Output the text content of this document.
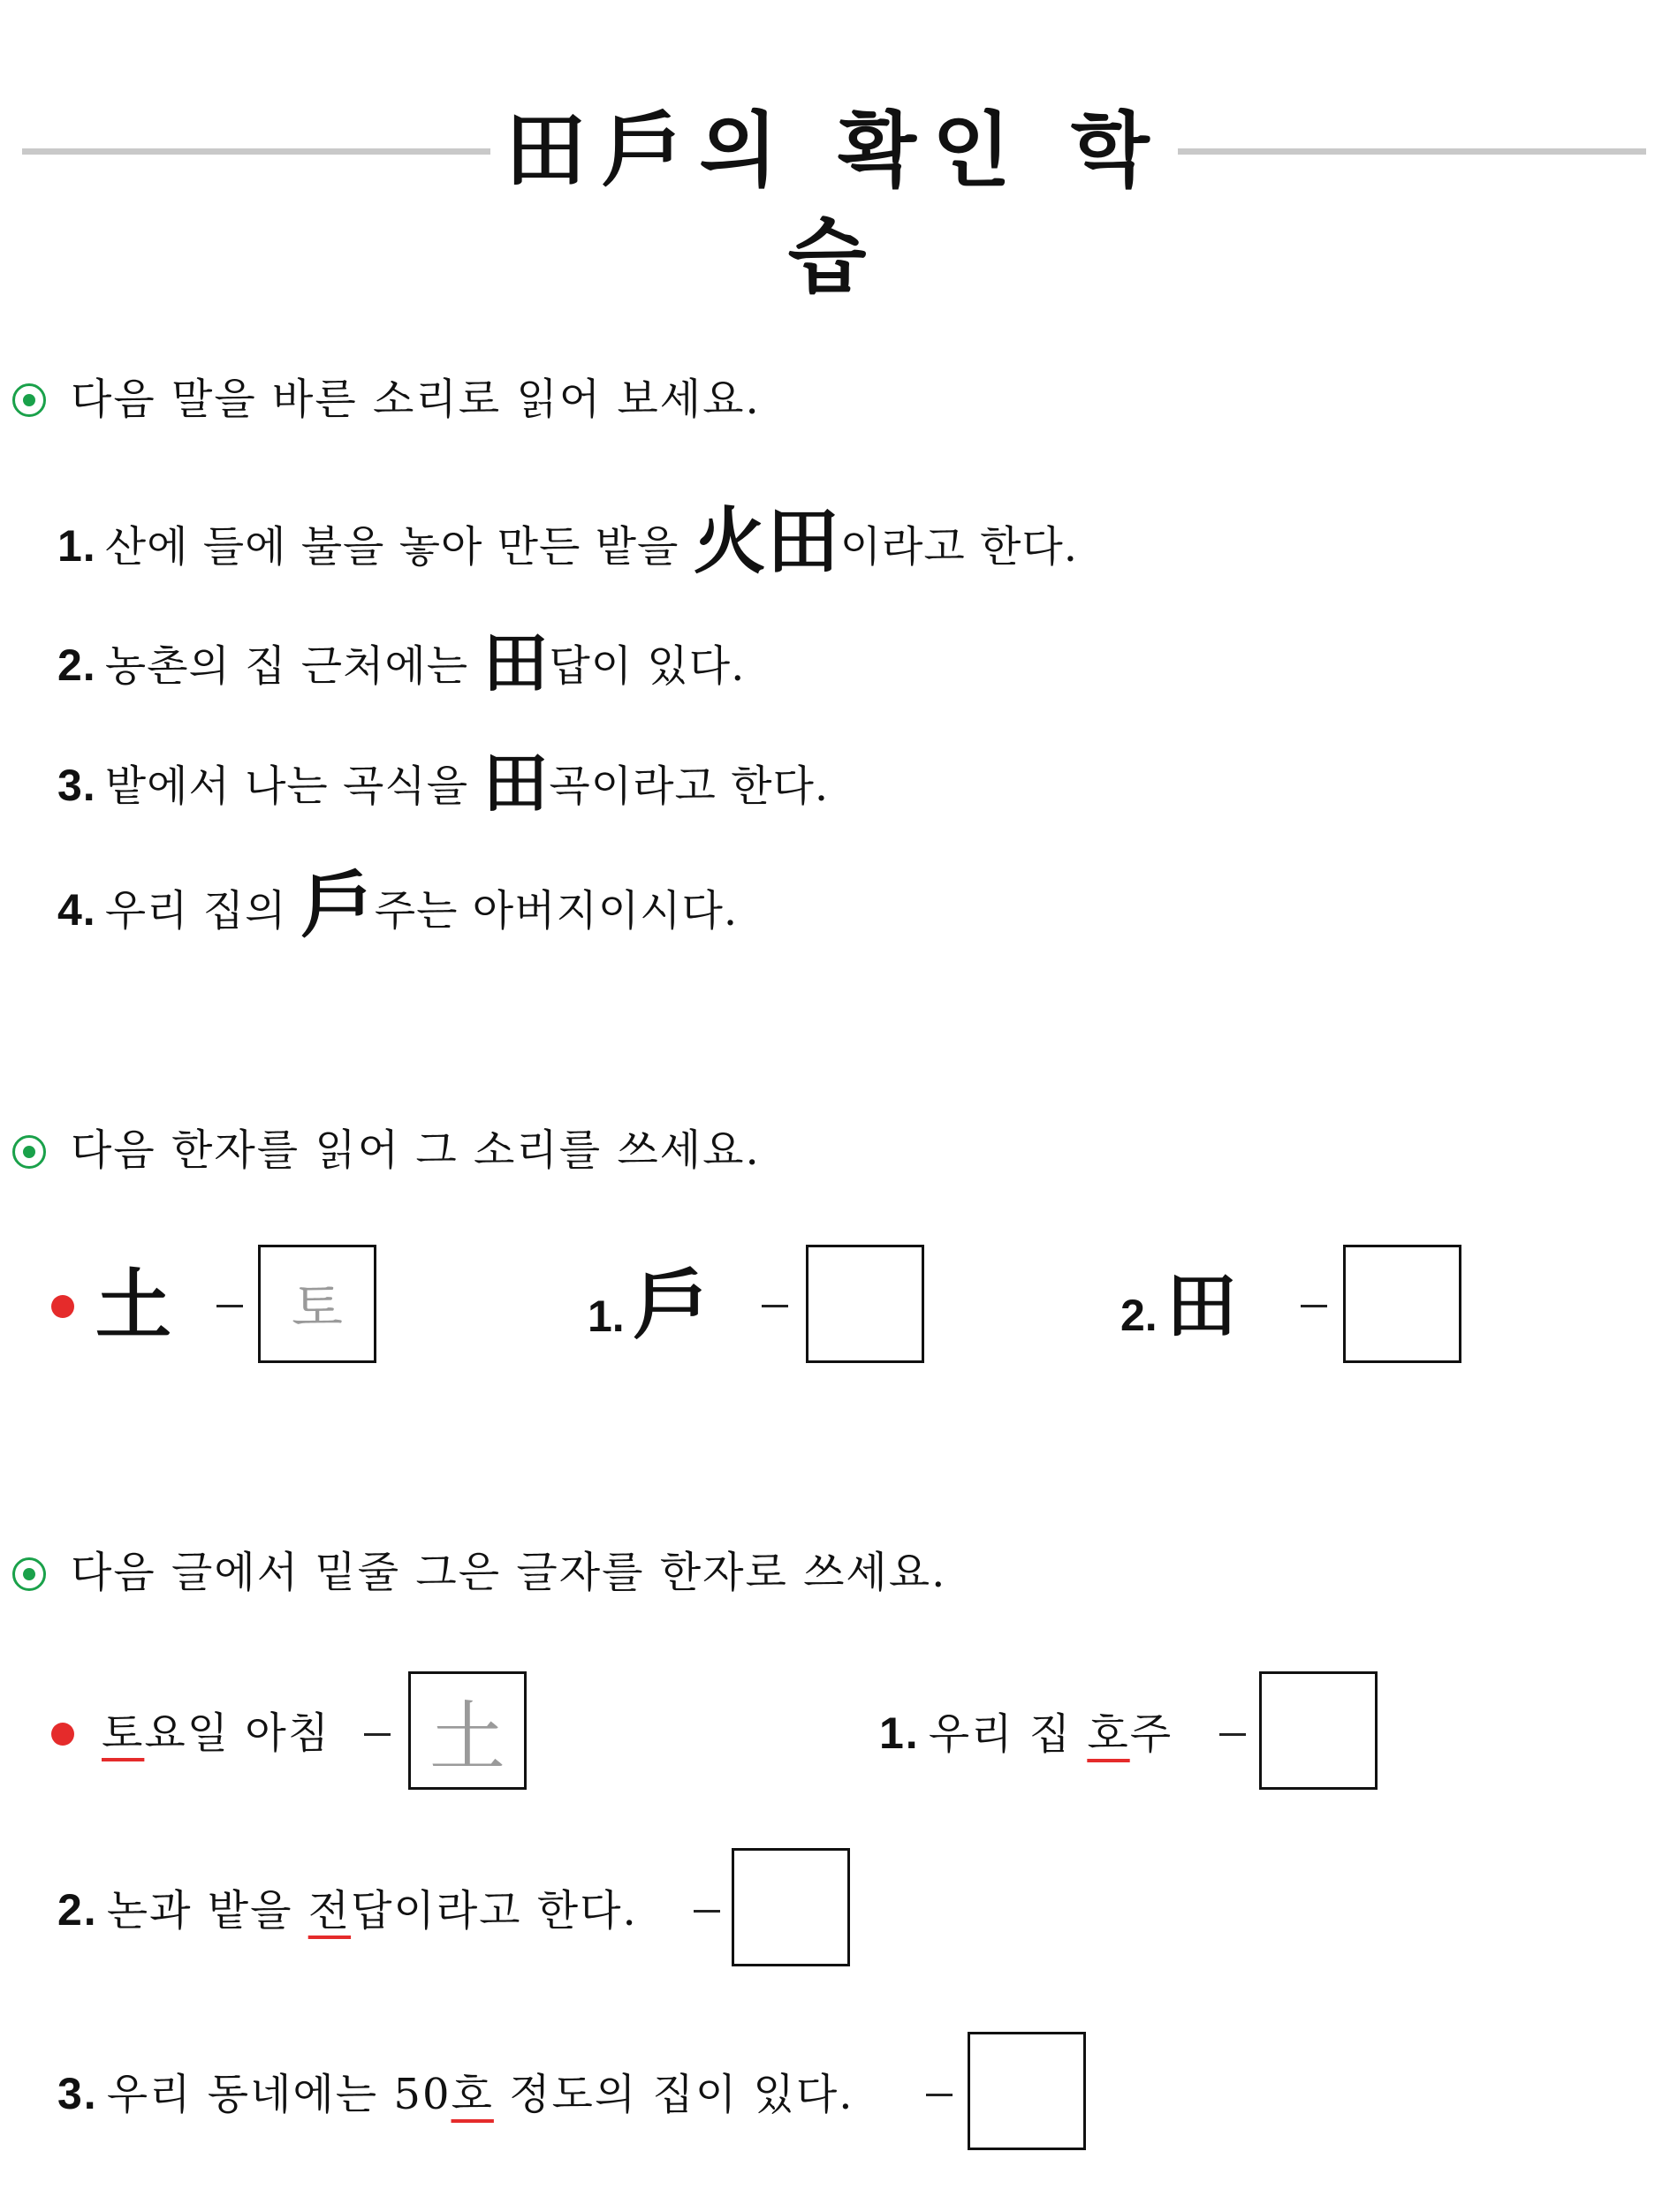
田戶의 확인 학습
다음 말을 바른 소리로 읽어 보세요.
1. 산에 들에 불을 놓아 만든 밭을 火田이라고 한다.
2. 농촌의 집 근처에는 田답이 있다.
3. 밭에서 나는 곡식을 田곡이라고 한다.
4. 우리 집의 戶주는 아버지이시다.
다음 한자를 읽어 그 소리를 쓰세요.
土 토	1. 戶	2. 田
다음 글에서 밑줄 그은 글자를 한자로 쓰세요.
토요일 아침 土	1. 우리 집 호주
2. 논과 밭을 전답이라고 한다.
3. 우리 동네에는 50호 정도의 집이 있다.
